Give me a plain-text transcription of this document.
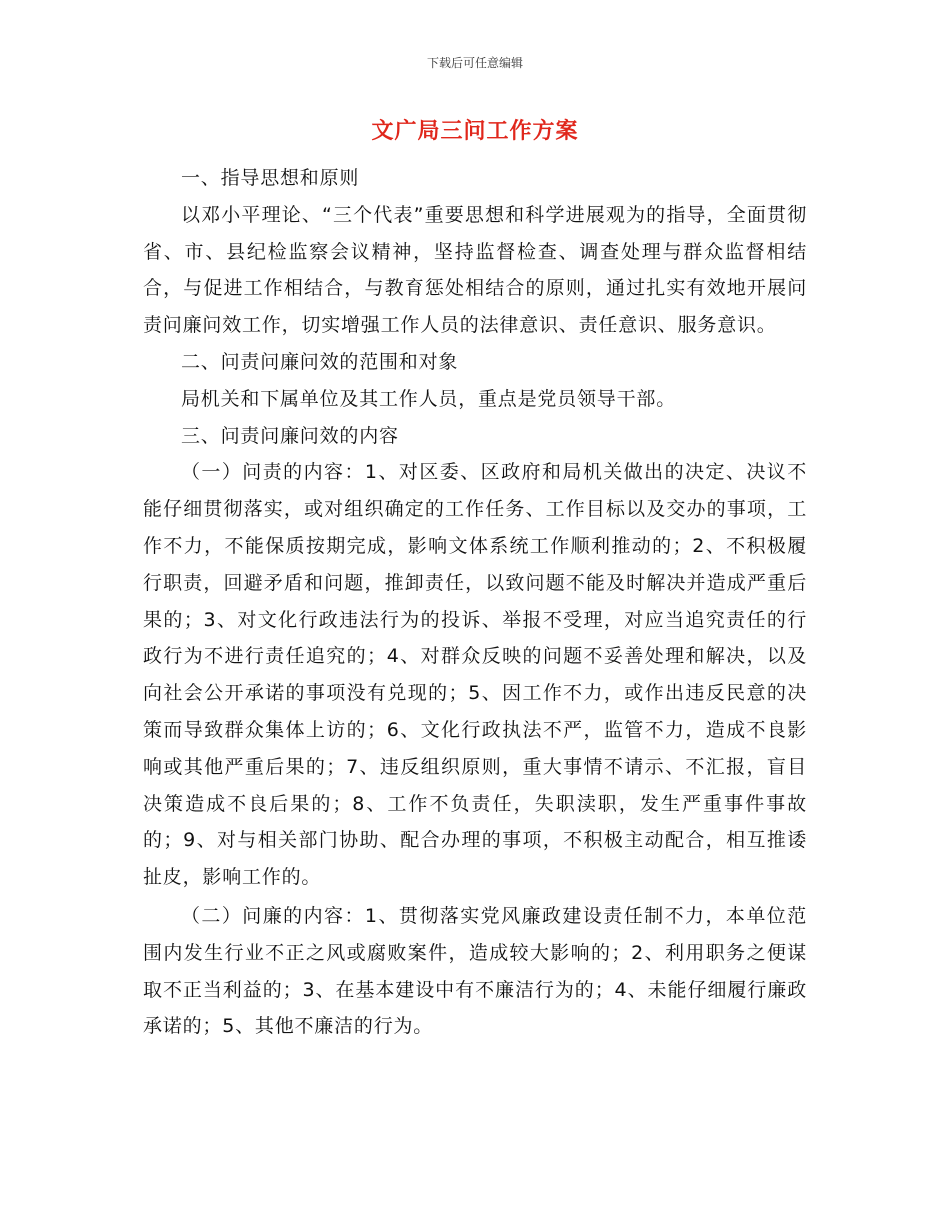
下载后可任意编辑
文广局三问工作方案

一、指导思想和原则

以邓小平理论、“三个代表”重要思想和科学进展观为的指导，全面贯彻省、市、县纪检监察会议精神，坚持监督检查、调查处理与群众监督相结合，与促进工作相结合，与教育惩处相结合的原则，通过扎实有效地开展问责问廉问效工作，切实增强工作人员的法律意识、责任意识、服务意识。

二、问责问廉问效的范围和对象

局机关和下属单位及其工作人员，重点是党员领导干部。

三、问责问廉问效的内容

（一）问责的内容：1、对区委、区政府和局机关做出的决定、决议不能仔细贯彻落实，或对组织确定的工作任务、工作目标以及交办的事项，工作不力，不能保质按期完成，影响文体系统工作顺利推动的；2、不积极履行职责，回避矛盾和问题，推卸责任，以致问题不能及时解决并造成严重后果的；3、对文化行政违法行为的投诉、举报不受理，对应当追究责任的行政行为不进行责任追究的；4、对群众反映的问题不妥善处理和解决，以及向社会公开承诺的事项没有兑现的；5、因工作不力，或作出违反民意的决策而导致群众集体上访的；6、文化行政执法不严，监管不力，造成不良影响或其他严重后果的；7、违反组织原则，重大事情不请示、不汇报，盲目决策造成不良后果的；8、工作不负责任，失职渎职，发生严重事件事故的；9、对与相关部门协助、配合办理的事项，不积极主动配合，相互推诿扯皮，影响工作的。

（二）问廉的内容：1、贯彻落实党风廉政建设责任制不力，本单位范围内发生行业不正之风或腐败案件，造成较大影响的；2、利用职务之便谋取不正当利益的；3、在基本建设中有不廉洁行为的；4、未能仔细履行廉政承诺的；5、其他不廉洁的行为。
